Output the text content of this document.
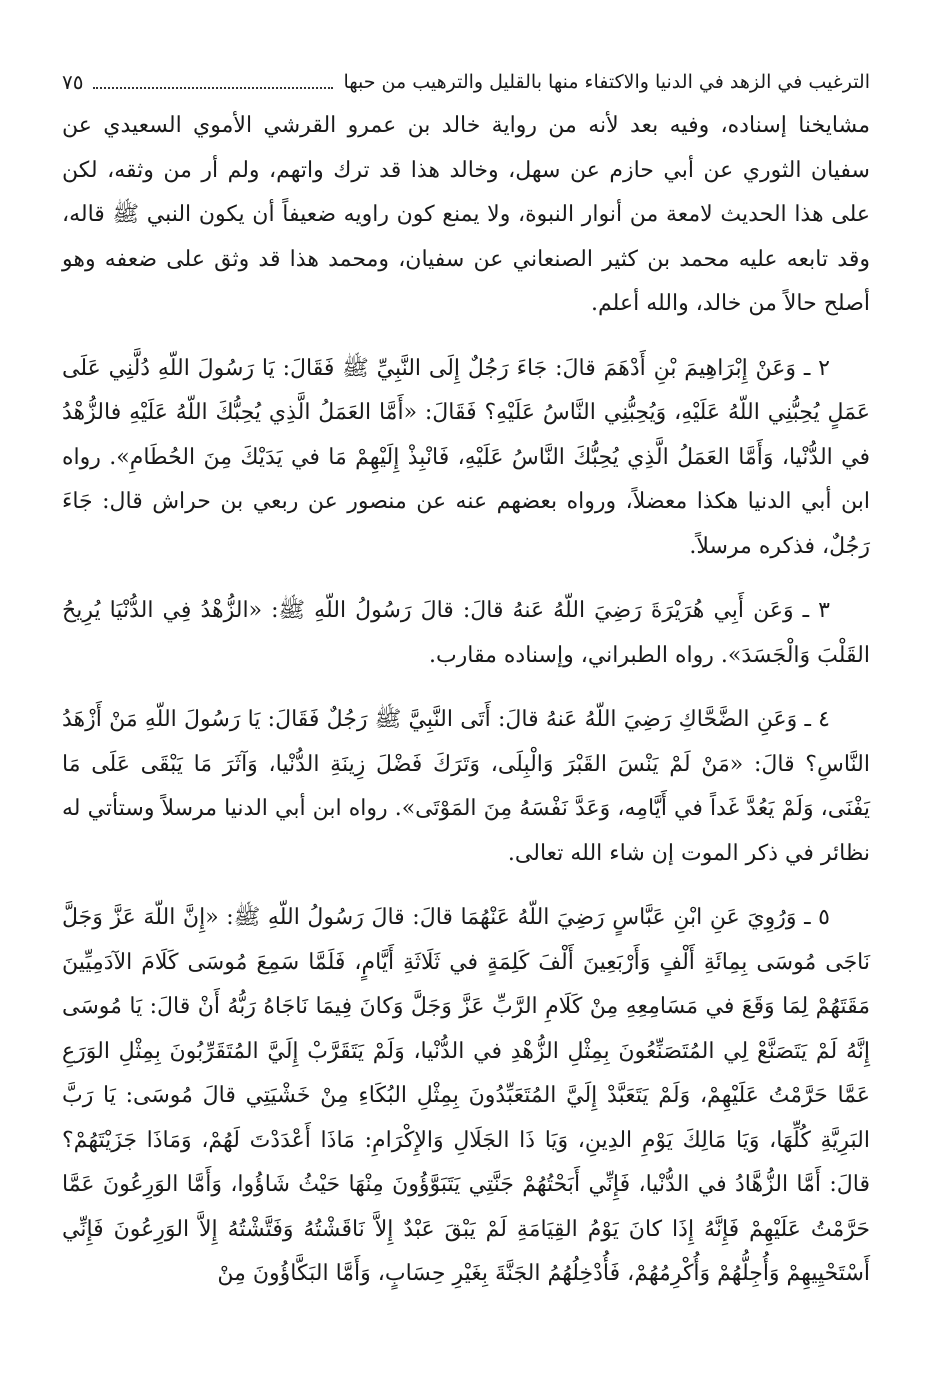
الترغيب في الزهد في الدنيا والاكتفاء منها بالقليل والترهيب من حبها
٧٥

مشايخنا إسناده، وفيه بعد لأنه من رواية خالد بن عمرو القرشي الأموي السعيدي عن سفيان الثوري عن أبي حازم عن سهل، وخالد هذا قد ترك واتهم، ولم أر من وثقه، لكن على هذا الحديث لامعة من أنوار النبوة، ولا يمنع كون راويه ضعيفاً أن يكون النبي ﷺ قاله، وقد تابعه عليه محمد بن كثير الصنعاني عن سفيان، ومحمد هذا قد وثق على ضعفه وهو أصلح حالاً من خالد، والله أعلم.

٢ ـ وَعَنْ إِبْرَاهِيمَ بْنِ أَدْهَمَ قالَ: جَاءَ رَجُلٌ إِلَى النَّبِيِّ ﷺ فَقَالَ: يَا رَسُولَ اللّهِ دُلَّنِي عَلَى عَمَلٍ يُحِبُّنِي اللّهُ عَلَيْهِ، وَيُحِبُّنِي النَّاسُ عَلَيْهِ؟ فَقَالَ: «أَمَّا العَمَلُ الَّذِي يُحِبُّكَ اللّهُ عَلَيْهِ فالزُّهْدُ في الدُّنْيا، وَأَمَّا العَمَلُ الَّذِي يُحِبُّكَ النَّاسُ عَلَيْهِ، فَانْبِذْ إِلَيْهِمْ مَا في يَدَيْكَ مِنَ الحُطَامِ». رواه ابن أبي الدنيا هكذا معضلاً، ورواه بعضهم عنه عن منصور عن ربعي بن حراش قال: جَاءَ رَجُلٌ، فذكره مرسلاً.

٣ ـ وَعَن أَبِي هُرَيْرَةَ رَضِيَ اللّهُ عَنهُ قالَ: قالَ رَسُولُ اللّهِ ﷺ: «الزُّهْدُ فِي الدُّنْيَا يُرِيحُ القَلْبَ وَالْجَسَدَ». رواه الطبراني، وإسناده مقارب.

٤ ـ وَعَنِ الضَّحَّاكِ رَضِيَ اللّهُ عَنهُ قالَ: أَتَى النَّبِيَّ ﷺ رَجُلٌ فَقَالَ: يَا رَسُولَ اللّهِ مَنْ أَزْهَدُ النَّاسِ؟ قالَ: «مَنْ لَمْ يَنْسَ القَبْرَ وَالْبِلَى، وَتَرَكَ فَضْلَ زِينَةِ الدُّنْيا، وَآثَرَ مَا يَبْقَى عَلَى مَا يَفْنَى، وَلَمْ يَعُدَّ غَداً في أَيَّامِه، وَعَدَّ نَفْسَهُ مِنَ المَوْتَى». رواه ابن أبي الدنيا مرسلاً وستأتي له نظائر في ذكر الموت إن شاء الله تعالى.

٥ ـ وَرُوِيَ عَنِ ابْنِ عَبَّاسٍ رَضِيَ اللّهُ عَنْهُمَا قالَ: قالَ رَسُولُ اللّهِ ﷺ: «إِنَّ اللّهَ عَزَّ وَجَلَّ نَاجَى مُوسَى بِمِائَةِ أَلْفٍ وَأَرْبَعِينَ أَلْفَ كَلِمَةٍ في ثَلَاثَةِ أَيَّامٍ، فَلَمَّا سَمِعَ مُوسَى كَلَامَ الآدَمِيِّينَ مَقَتَهُمْ لِمَا وَقَعَ في مَسَامِعِهِ مِنْ كَلَامِ الرَّبِّ عَزَّ وَجَلَّ وَكانَ فِيمَا نَاجَاهُ رَبُّهُ أَنْ قالَ: يَا مُوسَى إِنَّهُ لَمْ يَتَصَنَّعْ لِي المُتَصَنِّعُونَ بِمِثْلِ الزُّهْدِ في الدُّنْيا، وَلَمْ يَتَقَرَّبْ إِلَيَّ المُتَقَرِّبُونَ بِمِثْلِ الوَرَعِ عَمَّا حَرَّمْتُ عَلَيْهِمْ، وَلَمْ يَتَعَبَّدْ إِلَيَّ المُتَعَبِّدُونَ بِمِثْلِ البُكَاءِ مِنْ خَشْيَتِي قالَ مُوسَى: يَا رَبَّ البَرِيَّةِ كُلِّهَا، وَيَا مَالِكَ يَوْمِ الدِينِ، وَيَا ذَا الجَلَالِ وَالإِكْرَامِ: مَاذَا أَعْدَدْتَ لَهُمْ، وَمَاذَا جَزَيْتَهُمْ؟ قالَ: أَمَّا الزُّهَّادُ في الدُّنْيا، فَإِنِّي أَبَحْتُهُمْ جَنَّتِي يَتَبَوَّؤُونَ مِنْهَا حَيْثُ شَاؤُوا، وَأَمَّا الوَرِعُونَ عَمَّا حَرَّمْتُ عَلَيْهِمْ فَإِنَّهُ إِذَا كانَ يَوْمُ القِيَامَةِ لَمْ يَبْقَ عَبْدٌ إِلاَّ نَاقَشْتُهُ وَفَتَّشْتُهُ إِلاَّ الوَرِعُونَ فَإِنِّي أَسْتَحْيِيهِمْ وَأُجِلُّهُمْ وَأُكْرِمُهُمْ، فَأُدْخِلُهُمُ الجَنَّةَ بِغَيْرِ حِسَابٍ، وَأَمَّا البَكَّاؤُونَ مِنْ
